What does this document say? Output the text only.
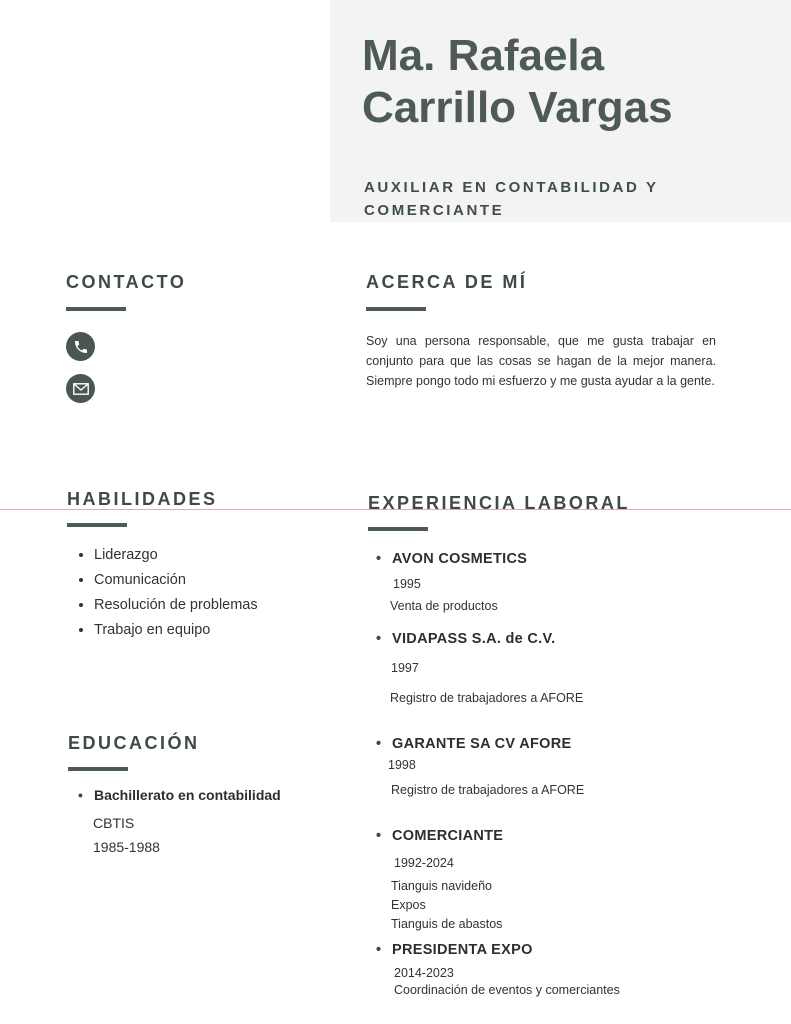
Ma. Rafaela
Carrillo Vargas
AUXILIAR EN CONTABILIDAD Y
COMERCIANTE
CONTACTO	ACERCA DE MÍ
Soy una persona responsable, que me gusta trabajar en conjunto para que las cosas se hagan de la mejor manera. Siempre pongo todo mi esfuerzo y me gusta ayudar a la gente.
HABILIDADES
• Liderazgo
• Comunicación
• Resolución de problemas
• Trabajo en equipo
EXPERIENCIA LABORAL
EDUCACIÓN
• Bachillerato en contabilidad
CBTIS
1985-1988
• AVON COSMETICS
1995
Venta de productos
• VIDAPASS S.A. de C.V.
1997
Registro de trabajadores a AFORE
• GARANTE SA CV AFORE
1998
Registro de trabajadores a AFORE
• COMERCIANTE
1992-2024
Tianguis navideño
Expos
Tianguis de abastos
• PRESIDENTA EXPO
2014-2023
Coordinación de eventos y comerciantes
